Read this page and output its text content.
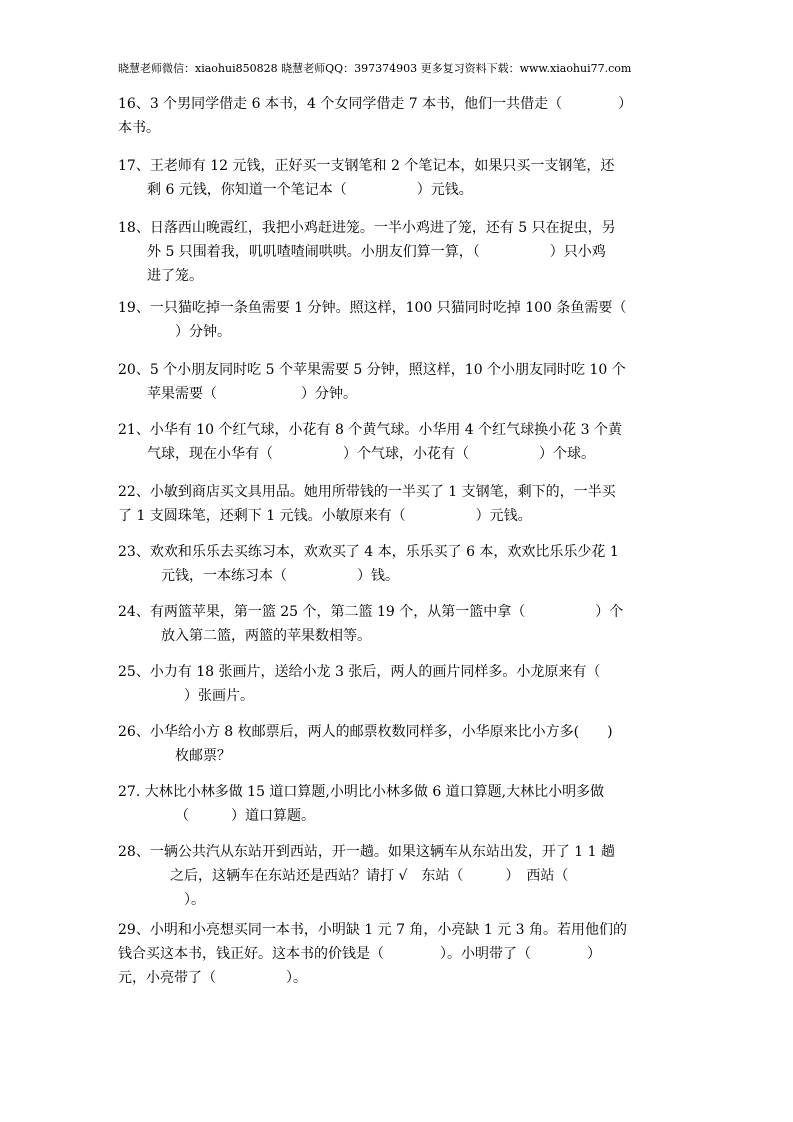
晓慧老师微信：xiaohui850828 晓慧老师QQ：397374903 更多复习资料下载：www.xiaohui77.com
16、3 个男同学借走 6 本书，4 个女同学借走 7 本书，他们一共借走（　　　　）
本书。
17、王老师有 12 元钱，正好买一支钢笔和 2 个笔记本，如果只买一支钢笔，还
剩 6 元钱，你知道一个笔记本（　　　　　）元钱。
18、日落西山晚霞红，我把小鸡赶进笼。一半小鸡进了笼，还有 5 只在捉虫，另
外 5 只围着我，叽叽喳喳闹哄哄。小朋友们算一算，（　　　　　）只小鸡
进了笼。
19、一只猫吃掉一条鱼需要 1 分钟。照这样，100 只猫同时吃掉 100 条鱼需要（
　　）分钟。
20、5 个小朋友同时吃 5 个苹果需要 5 分钟，照这样，10 个小朋友同时吃 10 个
苹果需要（　　　　　　）分钟。
21、小华有 10 个红气球，小花有 8 个黄气球。小华用 4 个红气球换小花 3 个黄
气球，现在小华有（　　　　　）个气球，小花有（　　　　　）个球。
22、小敏到商店买文具用品。她用所带钱的一半买了 1 支钢笔，剩下的，一半买
了 1 支圆珠笔，还剩下 1 元钱。小敏原来有（　　　　　）元钱。
23、欢欢和乐乐去买练习本，欢欢买了 4 本，乐乐买了 6 本，欢欢比乐乐少花 1
元钱，一本练习本（　　　　　）钱。
24、有两篮苹果，第一篮 25 个，第二篮 19 个，从第一篮中拿（　　　　　）个
放入第二篮，两篮的苹果数相等。
25、小力有 18 张画片，送给小龙 3 张后，两人的画片同样多。小龙原来有（
）张画片。
26、小华给小方 8 枚邮票后，两人的邮票枚数同样多，小华原来比小方多(　　)
枚邮票？
27. 大林比小林多做 15 道口算题,小明比小林多做 6 道口算题,大林比小明多做
（　　　）道口算题。
28、一辆公共汽从东站开到西站，开一趟。如果这辆车从东站出发，开了 1 1 趟
之后，这辆车在东站还是西站？请打 √　东站（　　　）　西站（
）。
29、小明和小亮想买同一本书，小明缺 1 元 7 角，小亮缺 1 元 3 角。若用他们的
钱合买这本书，钱正好。这本书的价钱是（　　　　）。小明带了（　　　　）
元，小亮带了（　　　　　）。
